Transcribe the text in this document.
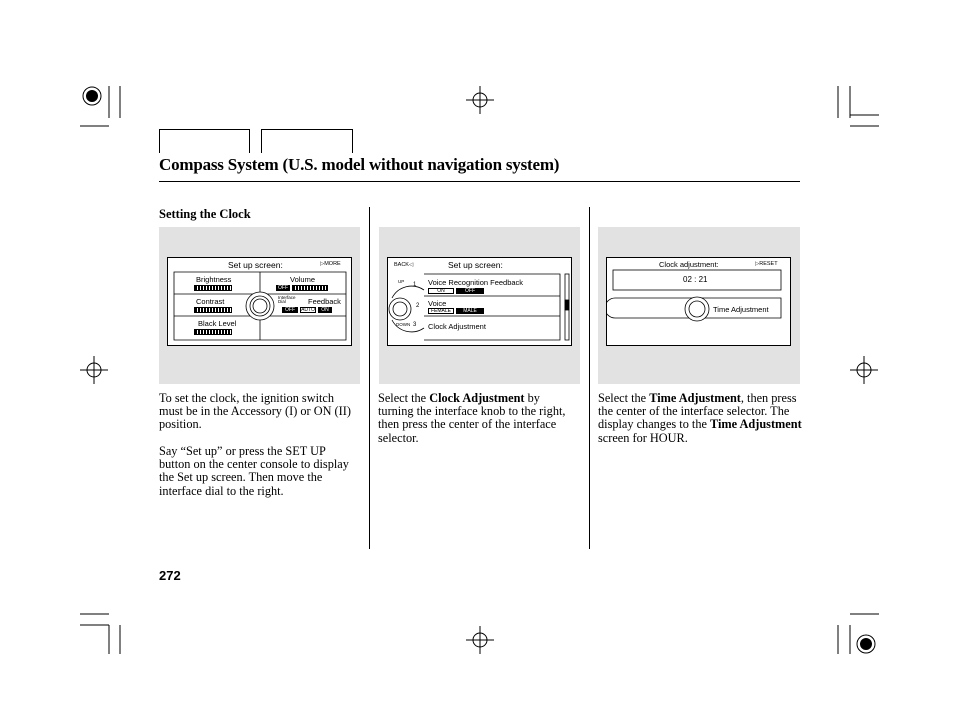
Compass System (U.S. model without navigation system)
Setting the Clock
Set up screen:	▷MORE
Brightness	Volume
OFF
Contrast	Interface Dial	Feedback
OFF	AUTO	ON
Black Level
BACK◁	Set up screen:
UP
DOWN
1
2
3
Voice Recognition Feedback
ON	OFF
Voice
FEMALE	MALE
Clock Adjustment
Clock adjustment:	▷RESET
02 : 21
Time Adjustment
To set the clock, the ignition switch must be in the Accessory (I) or ON (II) position.
Say “Set up” or press the SET UP button on the center console to display the Set up screen. Then move the interface dial to the right.
Select the Clock Adjustment by turning the interface knob to the right, then press the center of the interface selector.
Select the Time Adjustment, then press the center of the interface selector. The display changes to the Time Adjustment screen for HOUR.
272
